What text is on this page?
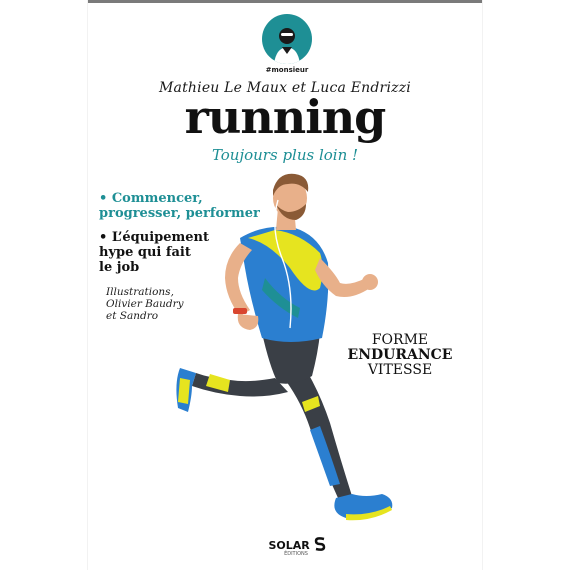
#monsieur
Mathieu Le Maux et Luca Endrizzi
running
Toujours plus loin !
• Commencer,
progresser, performer
• L’équipement
hype qui fait
le job
Illustrations,
Olivier Baudry
et Sandro
FORME
ENDURANCE
VITESSE
SOLAR
ÉDITIONS
